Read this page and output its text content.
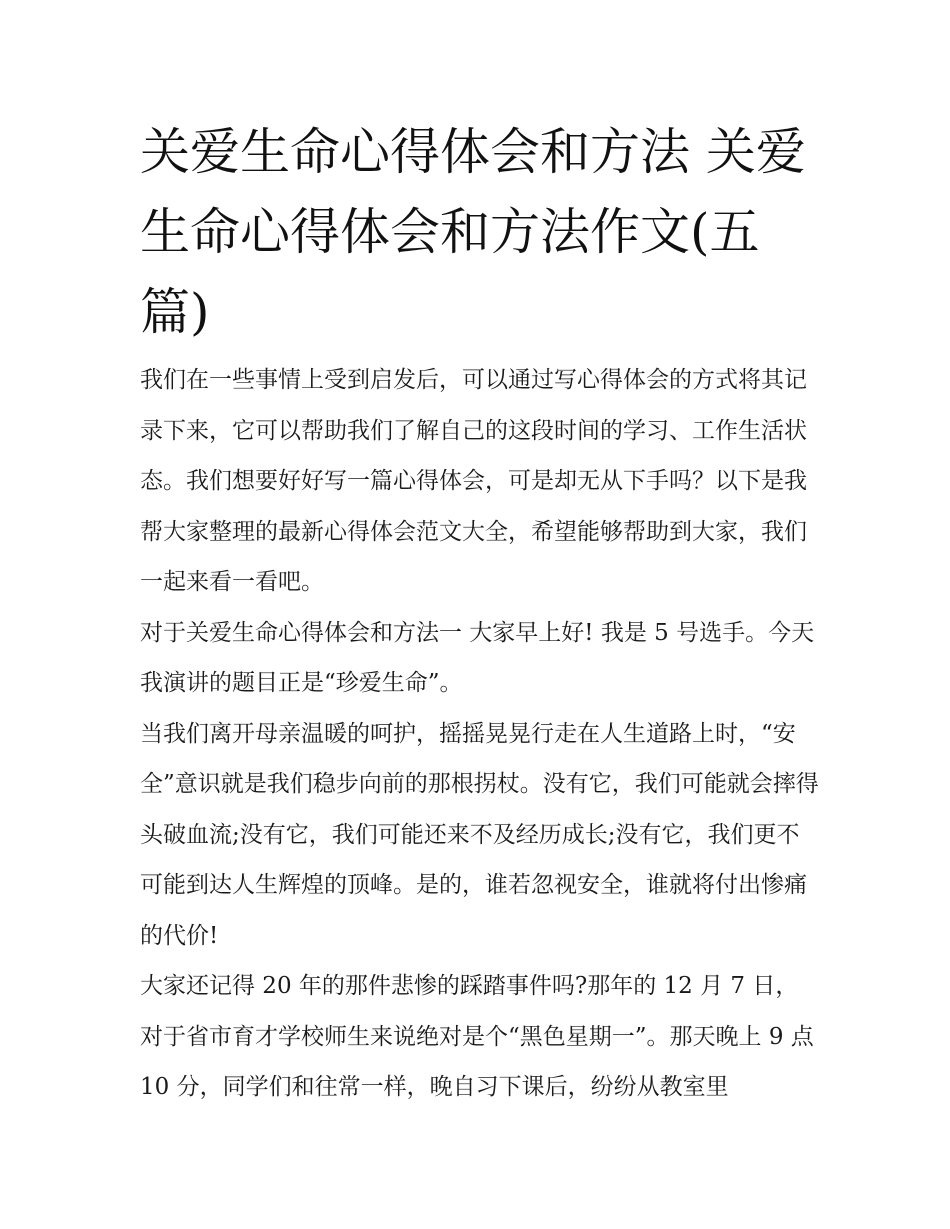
关爱生命心得体会和方法 关爱生命心得体会和方法作文(五篇)

我们在一些事情上受到启发后，可以通过写心得体会的方式将其记录下来，它可以帮助我们了解自己的这段时间的学习、工作生活状态。我们想要好好写一篇心得体会，可是却无从下手吗？以下是我帮大家整理的最新心得体会范文大全，希望能够帮助到大家，我们一起来看一看吧。

对于关爱生命心得体会和方法一 大家早上好! 我是 5 号选手。今天我演讲的题目正是“珍爱生命”。

当我们离开母亲温暖的呵护，摇摇晃晃行走在人生道路上时，“安全”意识就是我们稳步向前的那根拐杖。没有它，我们可能就会摔得头破血流;没有它，我们可能还来不及经历成长;没有它，我们更不可能到达人生辉煌的顶峰。是的，谁若忽视安全，谁就将付出惨痛的代价!

大家还记得 20 年的那件悲惨的踩踏事件吗?那年的 12 月 7 日，对于省市育才学校师生来说绝对是个“黑色星期一”。那天晚上 9 点 10 分，同学们和往常一样，晚自习下课后，纷纷从教室里
